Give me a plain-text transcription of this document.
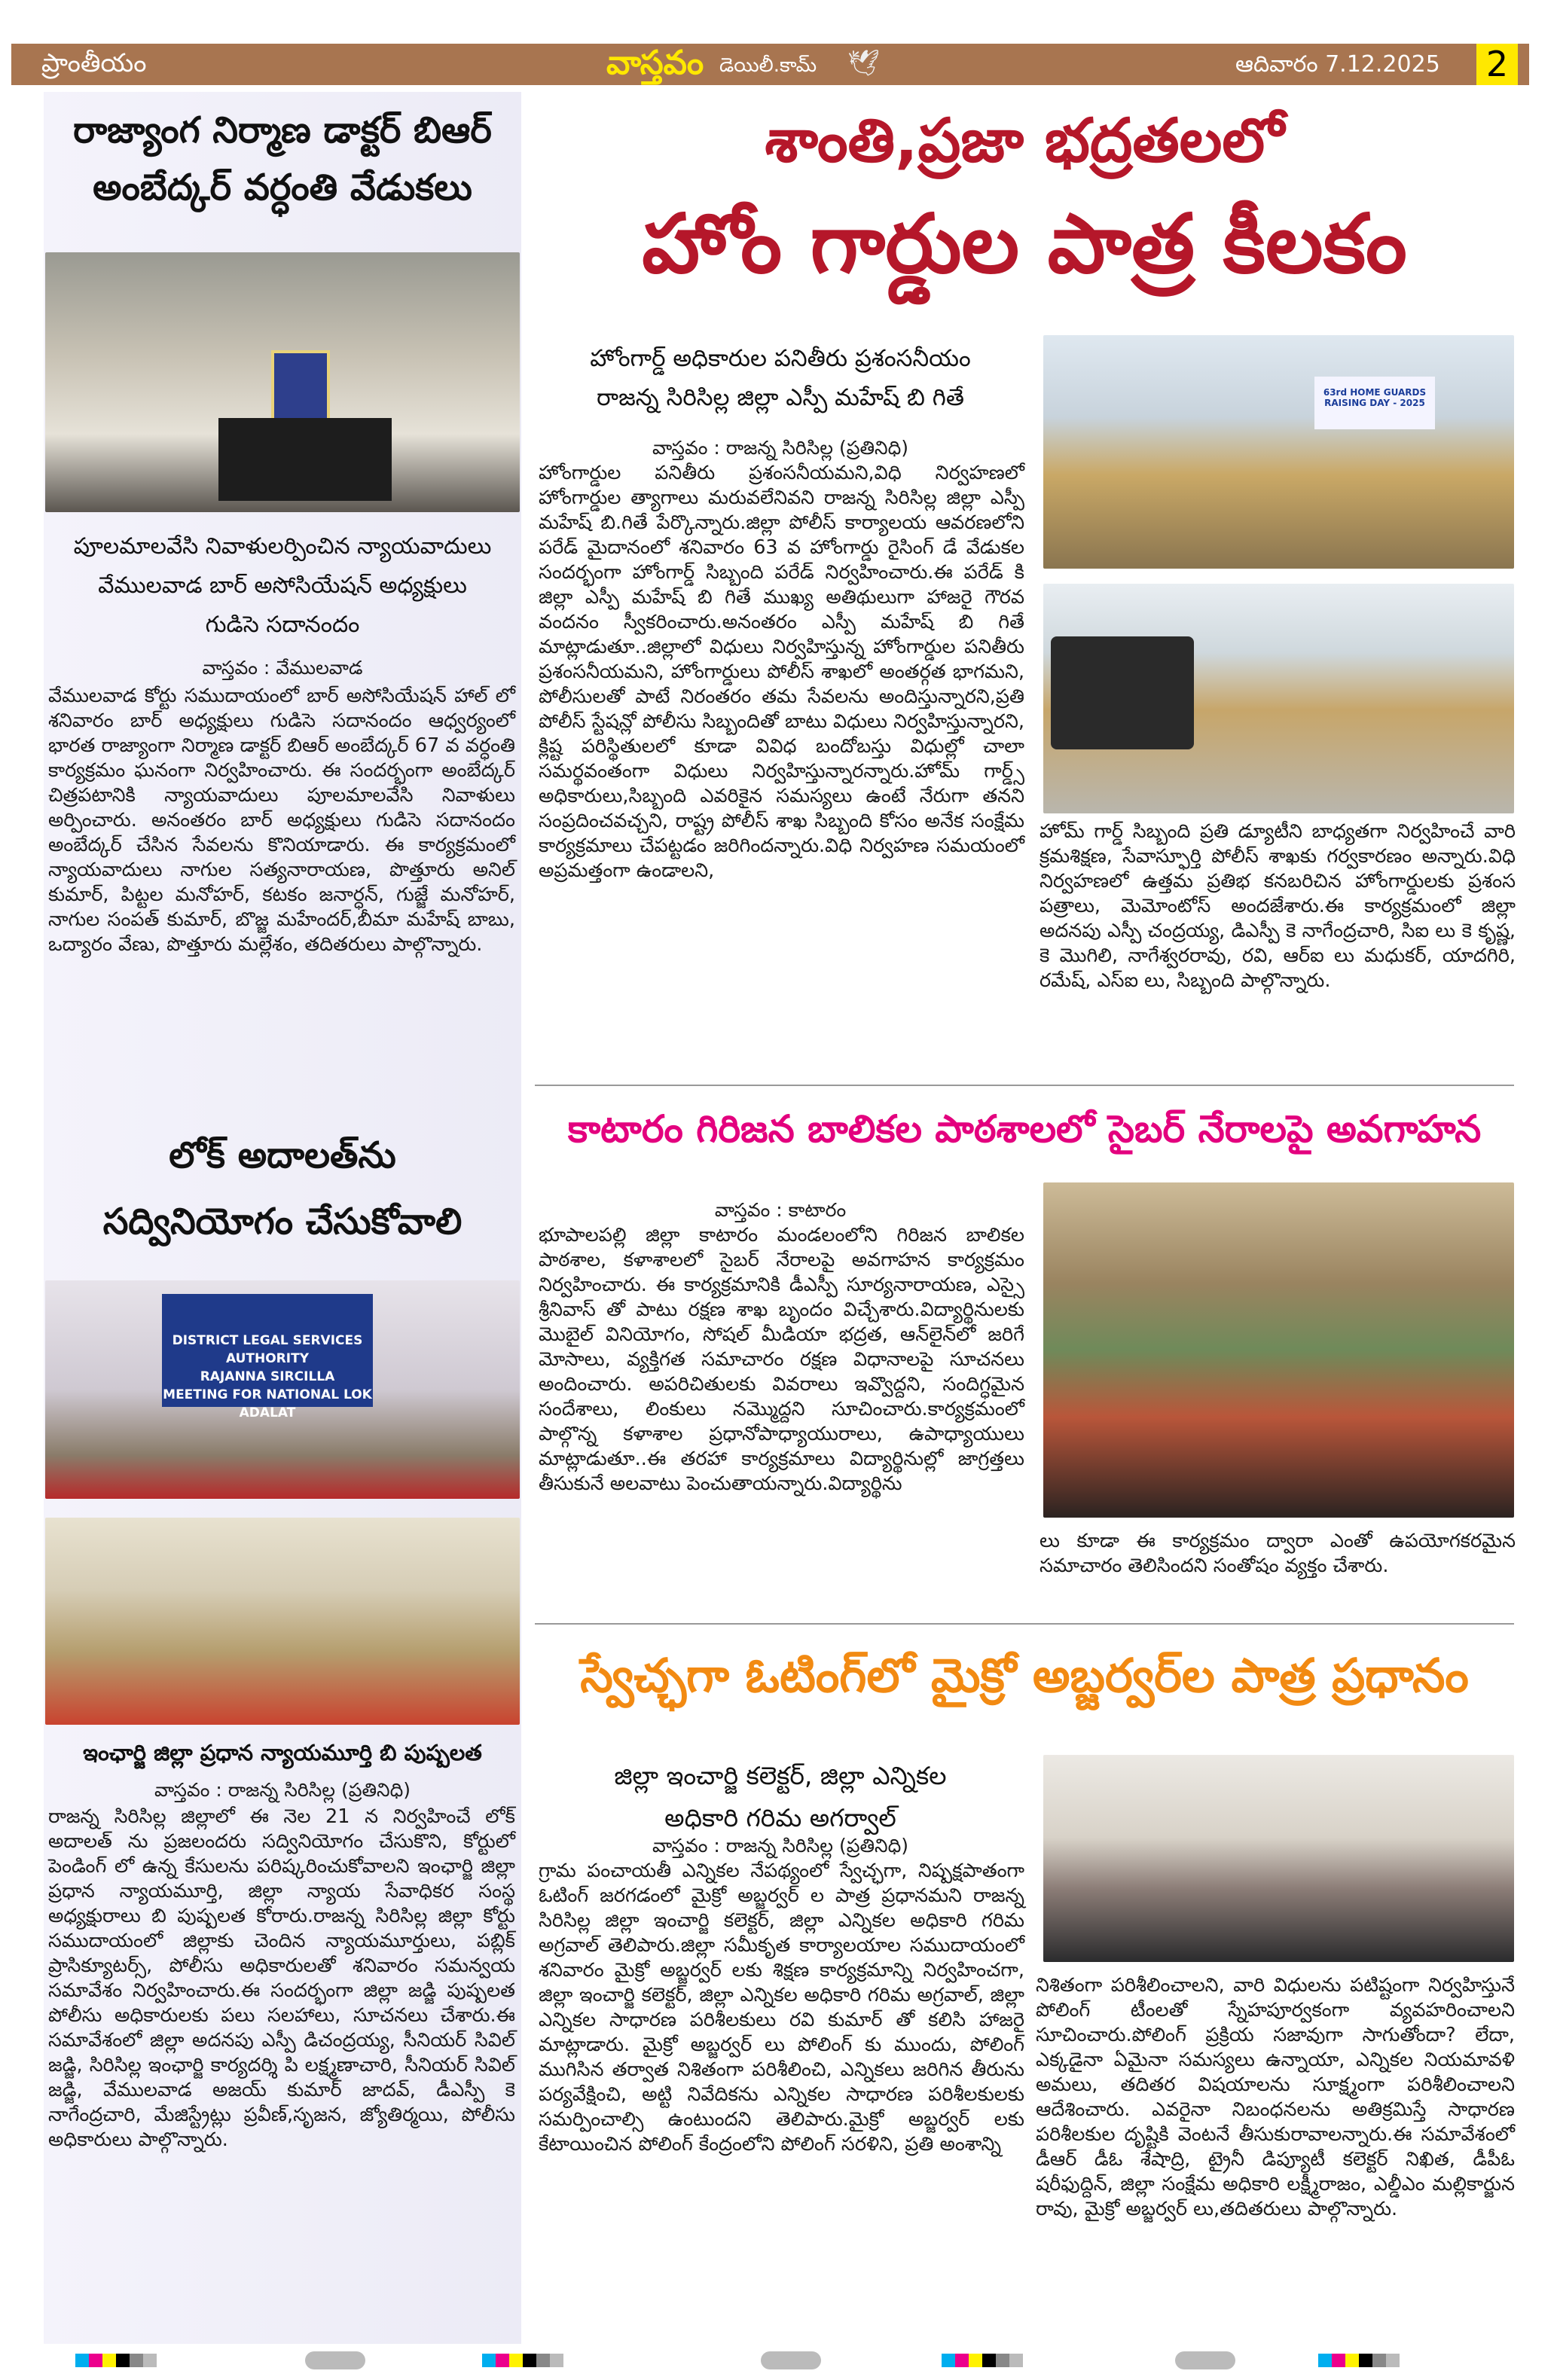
ప్రాంతీయం	వాస్తవం డెయిలీ.కామ్ 🕊	ఆదివారం 7.12.2025 2
రాజ్యాంగ నిర్మాణ డాక్టర్ బిఆర్
అంబేద్కర్ వర్ధంతి వేడుకలు
పూలమాలవేసి నివాళులర్పించిన న్యాయవాదులు
వేములవాడ బార్ అసోసియేషన్ అధ్యక్షులు
గుడిసె సదానందం
వాస్తవం : వేములవాడ
వేములవాడ కోర్టు సముదాయంలో బార్ అసోసియేషన్ హాల్ లో శనివారం బార్ అధ్యక్షులు గుడిసె సదానందం ఆధ్వర్యంలో భారత రాజ్యాంగా నిర్మాణ డాక్టర్ బిఆర్ అంబేద్కర్ 67 వ వర్ధంతి కార్యక్రమం ఘనంగా నిర్వహించారు. ఈ సందర్భంగా అంబేద్కర్ చిత్రపటానికి న్యాయవాదులు పూలమాలవేసి నివాళులు అర్పించారు. అనంతరం బార్ అధ్యక్షులు గుడిసె సదానందం అంబేద్కర్ చేసిన సేవలను కొనియాడారు. ఈ కార్యక్రమంలో న్యాయవాదులు నాగుల సత్యనారాయణ, పొత్తూరు అనిల్ కుమార్, పిట్టల మనోహర్, కటకం జనార్ధన్, గుజ్జే మనోహర్, నాగుల సంపత్ కుమార్, బొజ్జ మహేందర్,బీమా మహేష్ బాబు, ఒద్యారం వేణు, పొత్తూరు మల్లేశం, తదితరులు పాల్గొన్నారు.
లోక్ అదాలత్‌ను
సద్వినియోగం చేసుకోవాలి
DISTRICT LEGAL SERVICES AUTHORITY
RAJANNA SIRCILLA
MEETING FOR NATIONAL LOK ADALAT
ఇంఛార్జి జిల్లా ప్రధాన న్యాయమూర్తి బి పుష్పలత
వాస్తవం : రాజన్న సిరిసిల్ల (ప్రతినిధి)
రాజన్న సిరిసిల్ల జిల్లాలో ఈ నెల 21 న నిర్వహించే లోక్ అదాలత్ ను ప్రజలందరు సద్వినియోగం చేసుకొని, కోర్టులో పెండింగ్ లో ఉన్న కేసులను పరిష్కరించుకోవాలని ఇంఛార్జి జిల్లా ప్రధాన న్యాయమూర్తి, జిల్లా న్యాయ సేవాధికర సంస్థ అధ్యక్షురాలు బి పుష్పలత కోరారు.రాజన్న సిరిసిల్ల జిల్లా కోర్టు సముదాయంలో జిల్లాకు చెందిన న్యాయమూర్తులు, పబ్లిక్ ప్రాసిక్యూటర్స్, పోలీసు అధికారులతో శనివారం సమన్వయ సమావేశం నిర్వహించారు.ఈ సందర్భంగా జిల్లా జడ్జి పుష్పలత పోలీసు అధికారులకు పలు సలహాలు, సూచనలు చేశారు.ఈ సమావేశంలో జిల్లా అదనపు ఎస్పీ డిచంద్రయ్య, సీనియర్ సివిల్ జడ్జి, సిరిసిల్ల ఇంఛార్జి కార్యదర్శి పి లక్ష్మణాచారి, సీనియర్ సివిల్ జడ్జి, వేములవాడ అజయ్ కుమార్ జాదవ్, డీఎస్పీ కె నాగేంద్రచారి, మేజిస్ట్రేట్లు ప్రవీణ్,సృజన, జ్యోతిర్మయి, పోలీసు అధికారులు పాల్గొన్నారు.
శాంతి,ప్రజా భద్రతలలో
హోం గార్డుల పాత్ర కీలకం
హోంగార్డ్ అధికారుల పనితీరు ప్రశంసనీయం
రాజన్న సిరిసిల్ల జిల్లా ఎస్పీ మహేష్ బి గితే
వాస్తవం : రాజన్న సిరిసిల్ల (ప్రతినిధి)
హోంగార్డుల పనితీరు ప్రశంసనీయమని,విధి నిర్వహణలో హోంగార్డుల త్యాగాలు మరువలేనివని రాజన్న సిరిసిల్ల జిల్లా ఎస్పీ మహేష్ బి.గితే పేర్కొన్నారు.జిల్లా పోలీస్ కార్యాలయ ఆవరణలోని పరేడ్ మైదానంలో శనివారం 63 వ హోంగార్డు రైసింగ్ డే వేడుకల సందర్భంగా హోంగార్డ్ సిబ్బంది పరేడ్ నిర్వహించారు.ఈ పరేడ్ కి జిల్లా ఎస్పీ మహేష్ బి గితే ముఖ్య అతిథులుగా హాజరై గౌరవ వందనం స్వీకరించారు.అనంతరం ఎస్పీ మహేష్ బి గితే మాట్లాడుతూ..జిల్లాలో విధులు నిర్వహిస్తున్న హోంగార్డుల పనితీరు ప్రశంసనీయమని, హోంగార్డులు పోలీస్ శాఖలో అంతర్గత భాగమని, పోలీసులతో పాటే నిరంతరం తమ సేవలను అందిస్తున్నారని,ప్రతి పోలీస్ స్టేషన్లో పోలీసు సిబ్బందితో బాటు విధులు నిర్వహిస్తున్నారని, క్లిష్ట పరిస్థితులలో కూడా వివిధ బందోబస్తు విధుల్లో చాలా సమర్థవంతంగా విధులు నిర్వహిస్తున్నారన్నారు.హోమ్ గార్డ్స్ అధికారులు,సిబ్బంది ఎవరికైన సమస్యలు ఉంటే నేరుగా తనని సంప్రదించవచ్చని, రాష్ట్ర పోలీస్ శాఖ సిబ్బంది కోసం అనేక సంక్షేమ కార్యక్రమాలు చేపట్టడం జరిగిందన్నారు.విధి నిర్వహణ సమయంలో అప్రమత్తంగా ఉండాలని,
63rd HOME GUARDS RAISING DAY - 2025
హోమ్ గార్డ్ సిబ్బంది ప్రతి డ్యూటీని బాధ్యతగా నిర్వహించే వారి క్రమశిక్షణ, సేవాస్ఫూర్తి పోలీస్ శాఖకు గర్వకారణం అన్నారు.విధి నిర్వహణలో ఉత్తమ ప్రతిభ కనబరిచిన హోంగార్డులకు ప్రశంస పత్రాలు, మెమోంటోస్ అందజేశారు.ఈ కార్యక్రమంలో జిల్లా అదనపు ఎస్పీ చంద్రయ్య, డిఎస్పీ కె నాగేంద్రచారి, సిఐ లు కె కృష్ణ, కె మొగిలి, నాగేశ్వరరావు, రవి, ఆర్ఐ లు మధుకర్, యాదగిరి, రమేష్, ఎస్ఐ లు, సిబ్బంది పాల్గొన్నారు.
కాటారం గిరిజన బాలికల పాఠశాలలో సైబర్ నేరాలపై అవగాహన
వాస్తవం : కాటారం
భూపాలపల్లి జిల్లా కాటారం మండలంలోని గిరిజన బాలికల పాఠశాల, కళాశాలలో సైబర్ నేరాలపై అవగాహన కార్యక్రమం నిర్వహించారు. ఈ కార్యక్రమానికి డీఎస్పీ సూర్యనారాయణ, ఎస్సై శ్రీనివాస్ తో పాటు రక్షణ శాఖ బృందం విచ్చేశారు.విద్యార్థినులకు మొబైల్ వినియోగం, సోషల్ మీడియా భద్రత, ఆన్‌లైన్‌లో జరిగే మోసాలు, వ్యక్తిగత సమాచారం రక్షణ విధానాలపై సూచనలు అందించారు. అపరిచితులకు వివరాలు ఇవ్వొద్దని, సందిగ్ధమైన సందేశాలు, లింకులు నమ్మొద్దని సూచించారు.కార్యక్రమంలో పాల్గొన్న కళాశాల ప్రధానోపాధ్యాయురాలు, ఉపాధ్యాయులు మాట్లాడుతూ..ఈ తరహా కార్యక్రమాలు విద్యార్థినుల్లో జాగ్రత్తలు తీసుకునే అలవాటు పెంచుతాయన్నారు.విద్యార్థిను
లు కూడా ఈ కార్యక్రమం ద్వారా ఎంతో ఉపయోగకరమైన సమాచారం తెలిసిందని సంతోషం వ్యక్తం చేశారు.
స్వేచ్ఛగా ఓటింగ్‌లో మైక్రో అబ్జర్వర్‌ల పాత్ర ప్రధానం
జిల్లా ఇంచార్జి కలెక్టర్, జిల్లా ఎన్నికల
అధికారి గరిమ అగర్వాల్
వాస్తవం : రాజన్న సిరిసిల్ల (ప్రతినిధి)
గ్రామ పంచాయతీ ఎన్నికల నేపథ్యంలో స్వేచ్ఛగా, నిష్పక్షపాతంగా ఓటింగ్ జరగడంలో మైక్రో అబ్జర్వర్ ల పాత్ర ప్రధానమని రాజన్న సిరిసిల్ల జిల్లా ఇంచార్జి కలెక్టర్, జిల్లా ఎన్నికల అధికారి గరిమ అగ్రవాల్ తెలిపారు.జిల్లా సమీకృత కార్యాలయాల సముదాయంలో శనివారం మైక్రో అబ్జర్వర్ లకు శిక్షణ కార్యక్రమాన్ని నిర్వహించగా, జిల్లా ఇంచార్జి కలెక్టర్, జిల్లా ఎన్నికల అధికారి గరిమ అగ్రవాల్, జిల్లా ఎన్నికల సాధారణ పరిశీలకులు రవి కుమార్ తో కలిసి హాజరై మాట్లాడారు. మైక్రో అబ్జర్వర్ లు పోలింగ్ కు ముందు, పోలింగ్ ముగిసిన తర్వాత నిశితంగా పరిశీలించి, ఎన్నికలు జరిగిన తీరును పర్యవేక్షించి, అట్టి నివేదికను ఎన్నికల సాధారణ పరిశీలకులకు సమర్పించాల్సి ఉంటుందని తెలిపారు.మైక్రో అబ్జర్వర్ లకు కేటాయించిన పోలింగ్ కేంద్రంలోని పోలింగ్ సరళిని, ప్రతి అంశాన్ని
నిశితంగా పరిశీలించాలని, వారి విధులను పటిష్టంగా నిర్వహిస్తునే పోలింగ్ టీంలతో స్నేహపూర్వకంగా వ్యవహరించాలని సూచించారు.పోలింగ్ ప్రక్రియ సజావుగా సాగుతోందా? లేదా, ఎక్కడైనా ఏమైనా సమస్యలు ఉన్నాయా, ఎన్నికల నియమావళి అమలు, తదితర విషయాలను సూక్ష్మంగా పరిశీలించాలని ఆదేశించారు. ఎవరైనా నిబంధనలను అతిక్రమిస్తే సాధారణ పరిశీలకుల దృష్టికి వెంటనే తీసుకురావాలన్నారు.ఈ సమావేశంలో డీఆర్ డీఓ శేషాద్రి, ట్రైనీ డిప్యూటీ కలెక్టర్ నిఖిత, డీపీఓ షరీఫుద్దిన్, జిల్లా సంక్షేమ అధికారి లక్ష్మీరాజం, ఎల్డీఎం మల్లికార్జున రావు, మైక్రో అబ్జర్వర్ లు,తదితరులు పాల్గొన్నారు.
